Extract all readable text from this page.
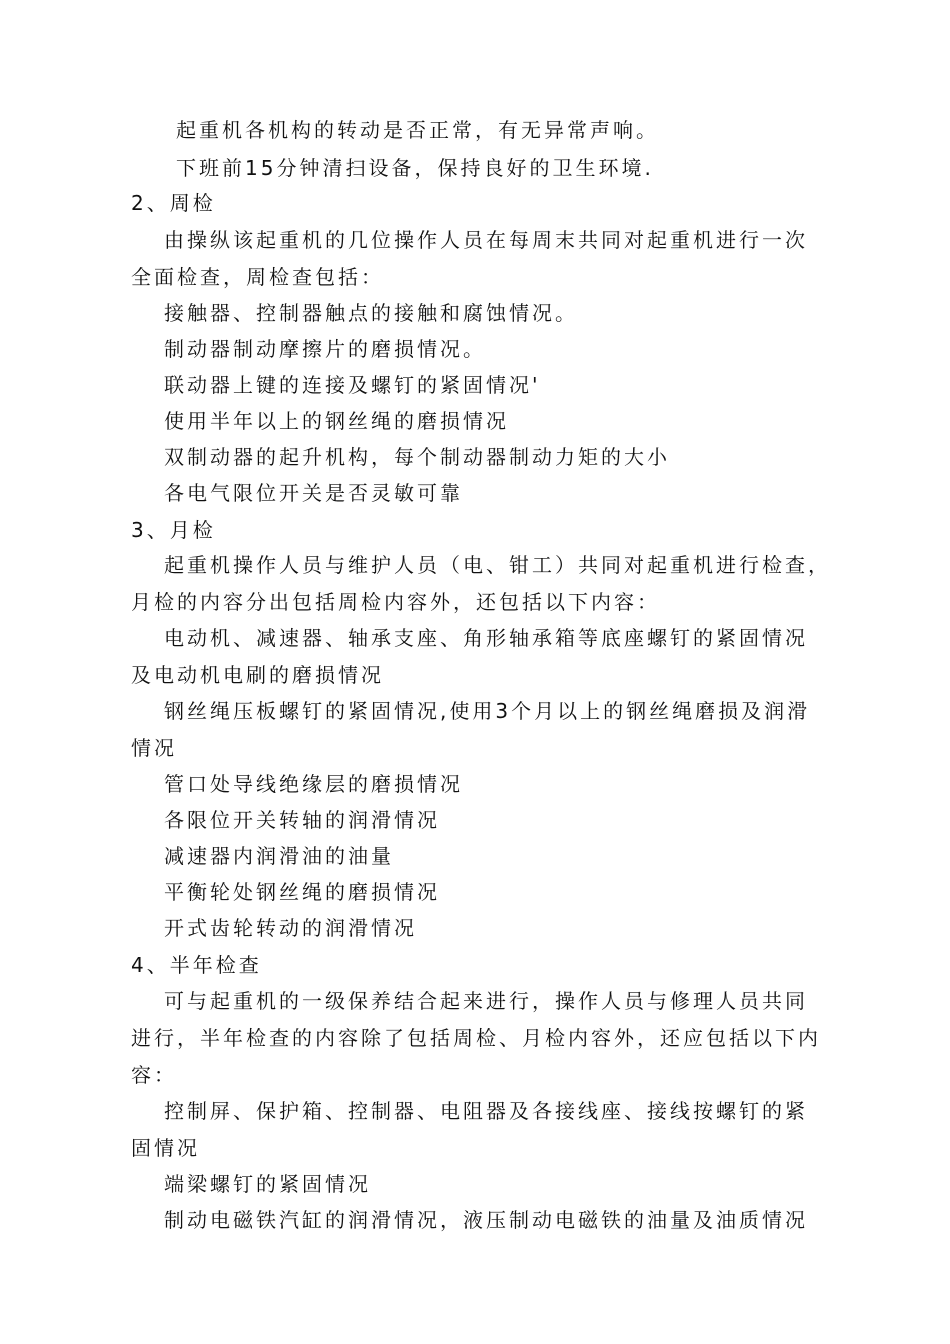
起重机各机构的转动是否正常，有无异常声响。
下班前15分钟清扫设备，保持良好的卫生环境.
2、周检
由操纵该起重机的几位操作人员在每周末共同对起重机进行一次
全面检查，周检查包括：
接触器、控制器触点的接触和腐蚀情况。
制动器制动摩擦片的磨损情况。
联动器上键的连接及螺钉的紧固情况'
使用半年以上的钢丝绳的磨损情况
双制动器的起升机构，每个制动器制动力矩的大小
各电气限位开关是否灵敏可靠
3、月检
起重机操作人员与维护人员（电、钳工）共同对起重机进行检查，
月检的内容分出包括周检内容外，还包括以下内容：
电动机、减速器、轴承支座、角形轴承箱等底座螺钉的紧固情况
及电动机电刷的磨损情况
钢丝绳压板螺钉的紧固情况,使用3个月以上的钢丝绳磨损及润滑
情况
管口处导线绝缘层的磨损情况
各限位开关转轴的润滑情况
减速器内润滑油的油量
平衡轮处钢丝绳的磨损情况
开式齿轮转动的润滑情况
4、半年检查
可与起重机的一级保养结合起来进行，操作人员与修理人员共同
进行，半年检查的内容除了包括周检、月检内容外，还应包括以下内
容：
控制屏、保护箱、控制器、电阻器及各接线座、接线按螺钉的紧
固情况
端梁螺钉的紧固情况
制动电磁铁汽缸的润滑情况，液压制动电磁铁的油量及油质情况
